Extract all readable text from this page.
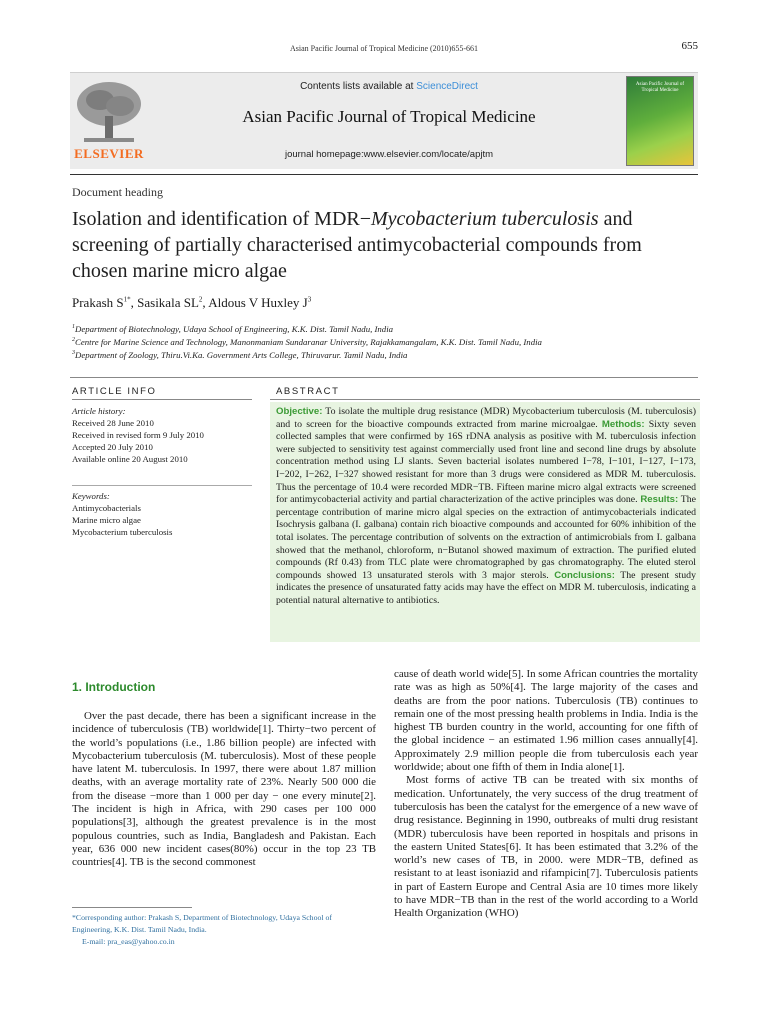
Asian Pacific Journal of Tropical Medicine (2010)655-661	655
ELSEVIER
Contents lists available at ScienceDirect
Asian Pacific Journal of Tropical Medicine
journal homepage:www.elsevier.com/locate/apjtm
Asian Pacific Journal of Tropical Medicine
Document heading
Isolation and identification of MDR−Mycobacterium tuberculosis and screening of partially characterised antimycobacterial compounds from chosen marine micro algae
Prakash $S^{1*}$, Sasikala $SL^2$, Aldous V Huxley $J^3$
$^1$Department of Biotechnology, Udaya School of Engineering, K.K. Dist. Tamil Nadu, India
$^2$Centre for Marine Science and Technology, Manonmaniam Sundaranar University, Rajakkamangalam, K.K. Dist. Tamil Nadu, India
$^3$Department of Zoology, Thiru.Vi.Ka. Government Arts College, Thiruvarur. Tamil Nadu, India
ARTICLE INFO
Article history:
Received 28 June 2010
Received in revised form 9 July 2010
Accepted 20 July 2010
Available online 20 August 2010
Keywords:
Antimycobacterials
Marine micro algae
Mycobacterium tuberculosis
ABSTRACT
Objective: To isolate the multiple drug resistance (MDR) Mycobacterium tuberculosis (M. tuberculosis) and to screen for the bioactive compounds extracted from marine microalgae. Methods: Sixty seven collected samples that were confirmed by 16S rDNA analysis as positive with M. tuberculosis infection were subjected to sensitivity test against commercially used front line and second line drugs by absolute concentration method using LJ slants. Seven bacterial isolates numbered I−78, I−101, I−127, I−173, I−202, I−262, I−327 showed resistant for more than 3 drugs were considered as MDR M. tuberculosis. Thus the percentage of 10.4 were recorded MDR−TB. Fifteen marine micro algal extracts were screened for antimycobacterial activity and partial characterization of the active principles was done. Results: The percentage contribution of marine micro algal species on the extraction of antimycobacterials indicated Isochrysis galbana (I. galbana) contain rich bioactive compounds and accounted for 60% inhibition of the total isolates. The percentage contribution of solvents on the extraction of antimicrobials from I. galbana showed that the methanol, chloroform, n−Butanol showed maximum of extraction. The purified eluted compounds (Rf 0.43) from TLC plate were chromatographed by gas chromatography. The eluted sterol compounds showed 13 unsaturated sterols with 3 major sterols. Conclusions: The present study indicates the presence of unsaturated fatty acids may have the effect on MDR M. tuberculosis, indicating a potential natural alternative to antibiotics.
1. Introduction
Over the past decade, there has been a significant increase in the incidence of tuberculosis (TB) worldwide[1]. Thirty−two percent of the world’s populations (i.e., 1.86 billion people) are infected with Mycobacterium tuberculosis (M. tuberculosis). Most of these people have latent M. tuberculosis. In 1997, there were about 1.87 million deaths, with an average mortality rate of 23%. Nearly 500 000 die from the disease −more than 1 000 per day − one every minute[2]. The incident is high in Africa, with 290 cases per 100 000 populations[3], although the greatest prevalence is in the most populous countries, such as India, Bangladesh and Pakistan. Each year, 636 000 new incident cases(80%) occur in the top 23 TB countries[4]. TB is the second commonest

cause of death world wide[5]. In some African countries the mortality rate was as high as 50%[4]. The large majority of the cases and deaths are from the poor nations. Tuberculosis (TB) continues to remain one of the most pressing health problems in India. India is the highest TB burden country in the world, accounting for one fifth of the global incidence − an estimated 1.96 million cases annually[4]. Approximately 2.9 million people die from tuberculosis each year worldwide; about one fifth of them in India alone[1].

Most forms of active TB can be treated with six months of medication. Unfortunately, the very success of the drug treatment of tuberculosis has been the catalyst for the emergence of a new wave of drug resistance. Beginning in 1990, outbreaks of multi drug resistant (MDR) tuberculosis have been reported in hospitals and prisons in the eastern United States[6]. It has been estimated that 3.2% of the world’s new cases of TB, in 2000. were MDR−TB, defined as resistant to at least isoniazid and rifampicin[7]. Tuberculosis patients in part of Eastern Europe and Central Asia are 10 times more likely to have MDR−TB than in the rest of the world according to a World Health Organization (WHO)

*Corresponding author: Prakash S, Department of Biotechnology, Udaya School of Engineering, K.K. Dist. Tamil Nadu, India.
E-mail: pra_eas@yahoo.co.in
